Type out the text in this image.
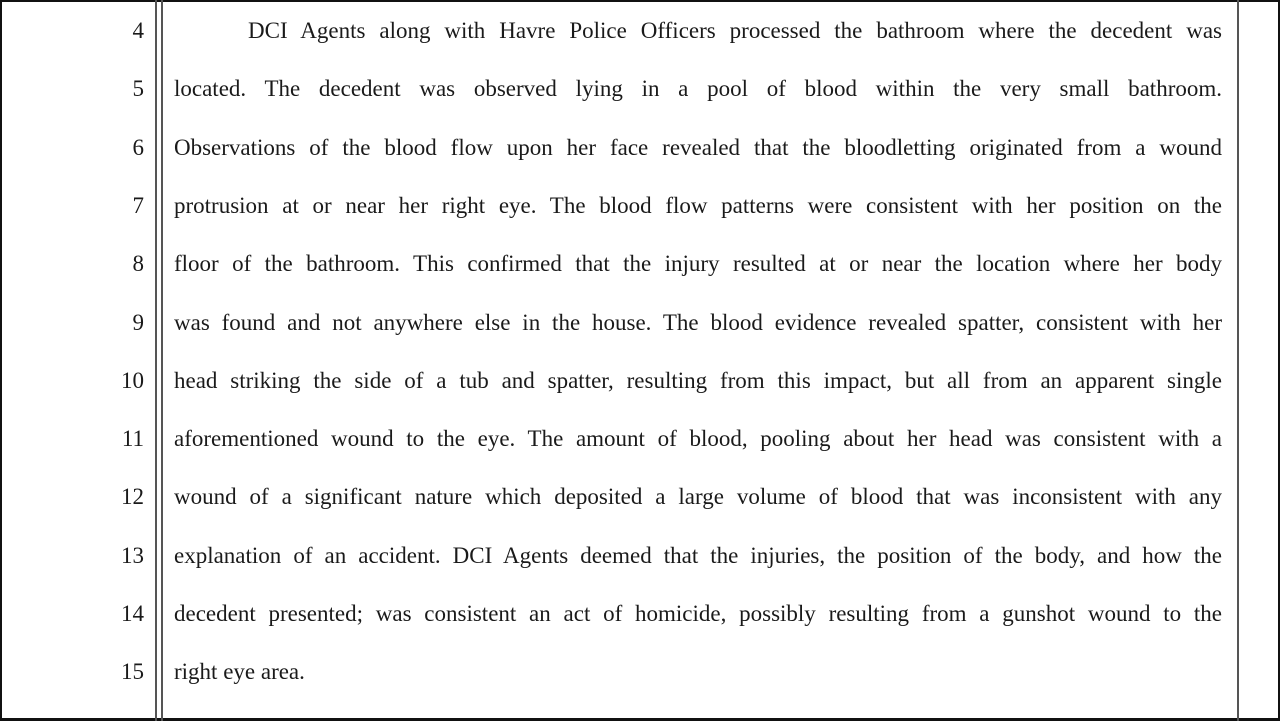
4
5
6
7
8
9
10
11
12
13
14
15
DCI Agents along with Havre Police Officers processed the bathroom where the decedent was
located. The decedent was observed lying in a pool of blood within the very small bathroom.
Observations of the blood flow upon her face revealed that the bloodletting originated from a wound
protrusion at or near her right eye. The blood flow patterns were consistent with her position on the
floor of the bathroom. This confirmed that the injury resulted at or near the location where her body
was found and not anywhere else in the house. The blood evidence revealed spatter, consistent with her
head striking the side of a tub and spatter, resulting from this impact, but all from an apparent single
aforementioned wound to the eye. The amount of blood, pooling about her head was consistent with a
wound of a significant nature which deposited a large volume of blood that was inconsistent with any
explanation of an accident. DCI Agents deemed that the injuries, the position of the body, and how the
decedent presented; was consistent an act of homicide, possibly resulting from a gunshot wound to the
right eye area.
